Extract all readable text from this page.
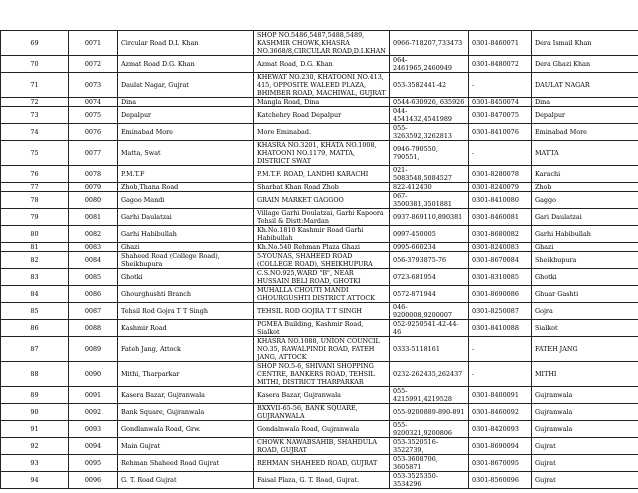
69	0071	Circular Road D.I. Khan	SHOP NO.5486,5487,5488,5489, KASHMIR CHOWK,KHASRA NO.3668/8,CIRCULAR ROAD,D.I.KHAN	0966-718207,733473	0301-8460071	Dera Ismail Khan
70	0072	Azmat Road D.G. Khan	Azmat Road, D.G. Khan	064-2461965,2460949	0301-8480072	Dera Ghazi Khan
71	0073	Daulat Nagar, Gujrat	KHEWAT NO.230, KHATOONI NO.413, 415, OPPOSITE WALEED PLAZA, BHIMBER ROAD, MACHIWAL, GUJRAT	053-3582441-42	-	DAULAT NAGAR
72	0074	Dina	Mangla Road, Dina	0544-630926, 635926	0301-8450074	Dina
73	0075	Depalpur	Katchehry Road Depalpur	044-4541432,4541989	0301-8470075	Depalpur
74	0076	Eminabad More	More Eminabad.	055-3263592,3262813	0301-8410076	Eminabad More
75	0077	Matta, Swat	KHASRA NO.3201, KHATA NO.1008, KHATOONI NO.1179, MATTA, DISTRICT SWAT	0946-790550, 790551,	-	MATTA
76	0078	P.M.T.F	P.M.T.F. ROAD, LANDHI KARACHI	021-5083548,5084527	0301-8280078	Karachi
77	0079	Zhob,Thana Road	Sharbat Khan Road Zhob	822-412430	0301-8240079	Zhob
78	0080	Gagoo Mandi	GRAIN MARKET GAGGOO	067-3500381,3501881	0301-8410080	Gaggo
79	0081	Garhi Daulatzai	Village Garhi Doulatzai, Garhi Kapoora Tehsil & Distt:Mardan	0937-869110,890381	0301-8460081	Gari Daulatzai
80	0082	Garhi Habibullah	Kh.No.1810 Kashmir Road Garhi Habibullah	0997-450005	0301-8680082	Garhi Habibullah
81	0083	Ghazi	Kh.No.540 Rehman Plaza Ghazi	0995-660234	0301-8240083	Ghazi
82	0084	Shaheed Road (College Road), Sheikhupura	5-YOUNAS, SHAHEED ROAD (COLLEGE ROAD), SHEIKHUPURA	056-3793875-76	0301-8670084	Sheikhupura
83	0085	Ghotki	C.S.NO.925,WARD "B", NEAR HUSSAIN BELI ROAD, GHOTKI	0723-681954	0301-8310085	Ghotki
84	0086	Ghourghushti Branch	MUHALLA CHOUTI MANDI GHOURGUSHTI DISTRICT ATTOCK	0572-871944	0301-8690086	Ghuar Gashti
85	0087	Tehsil Rod Gojra T T Singh	TEHSIL ROD GOJRA T T SINGH	046-9200008,9200007	0301-8250087	Gojra
86	0088	Kashmir Road	PGMEA Building, Kashmir Road, Sialkot	052-9250541-42-44-46	0301-8410088	Sialkot
87	0089	Fateh Jang, Attock	KHASRA NO.1088, UNION COUNCIL NO.35, RAWALPINDI ROAD, FATEH JANG, ATTOCK	0333-5118161	-	FATEH JANG
88	0090	Mithi, Tharparkar	SHOP NO.5-6, SHIVANI SHOPPING CENTRE, BANKERS ROAD, TEHSIL MITHI, DISTRICT THARPARKAR	0232-262435,262437	-	MITHI
89	0091	Kasera Bazar, Gujranwala	Kasera Bazar, Gujranwala	055-4215991,4219528	0301-8400091	Gujranwala
90	0092	Bank Square, Gujranwala	BXXVII-65-56, BANK SQUARE, GUJRANWALA	055-9200889-890-891	0301-8460092	Gujranwala
91	0093	Gondlanwala Road, Grw.	Gondalnwala Road, Gujranwala	055-9200321,9200806	0301-8420093	Gujranwala
92	0094	Main Gujrat	CHOWK NAWABSAHIB, SHAHDULA ROAD, GUJRAT	053-3520516-3522739,	0301-8690094	Gujrat
93	0095	Rehman Shaheed Road Gujrat	REHMAN SHAHEED ROAD, GUJRAT	053-3608706, 3605871	0301-8670095	Gujrat
94	0096	G. T. Road Gujrat	Faisal Plaza, G. T. Road, Gujrat.	053-3525350-3534296	0301-8560096	Gujrat
